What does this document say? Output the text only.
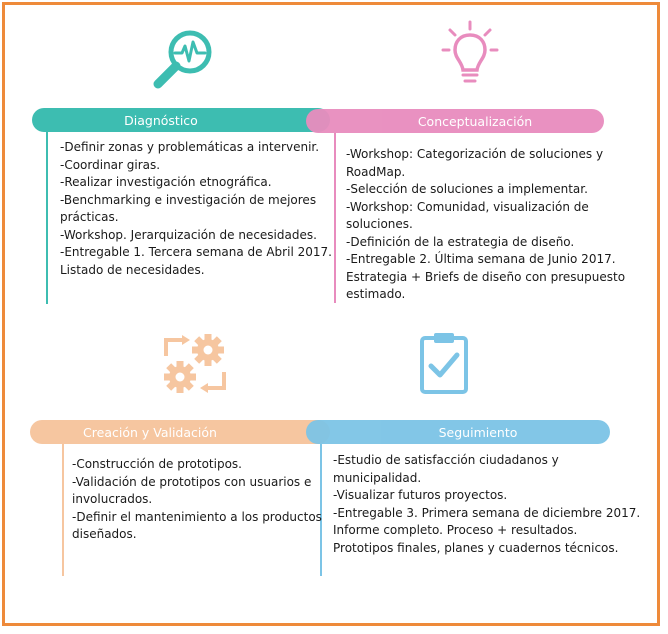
Diagnóstico	Conceptualización
-Definir zonas y problemáticas a intervenir.
-Coordinar giras.
-Realizar investigación etnográfica.
-Benchmarking e investigación de mejores
prácticas.
-Workshop. Jerarquización de necesidades.
-Entregable 1. Tercera semana de Abril 2017.
Listado de necesidades.
-Workshop: Categorización de soluciones y
RoadMap.
-Selección de soluciones a implementar.
-Workshop: Comunidad, visualización de
soluciones.
-Definición de la estrategia de diseño.
-Entregable 2. Última semana de Junio 2017.
Estrategia + Briefs de diseño con presupuesto
estimado.
Creación y Validación	Seguimiento
-Construcción de prototipos.
-Validación de prototipos con usuarios e
involucrados.
-Definir el mantenimiento a los productos
diseñados.
-Estudio de satisfacción ciudadanos y
municipalidad.
-Visualizar futuros proyectos.
-Entregable 3. Primera semana de diciembre 2017.
Informe completo. Proceso + resultados.
Prototipos finales, planes y cuadernos técnicos.
